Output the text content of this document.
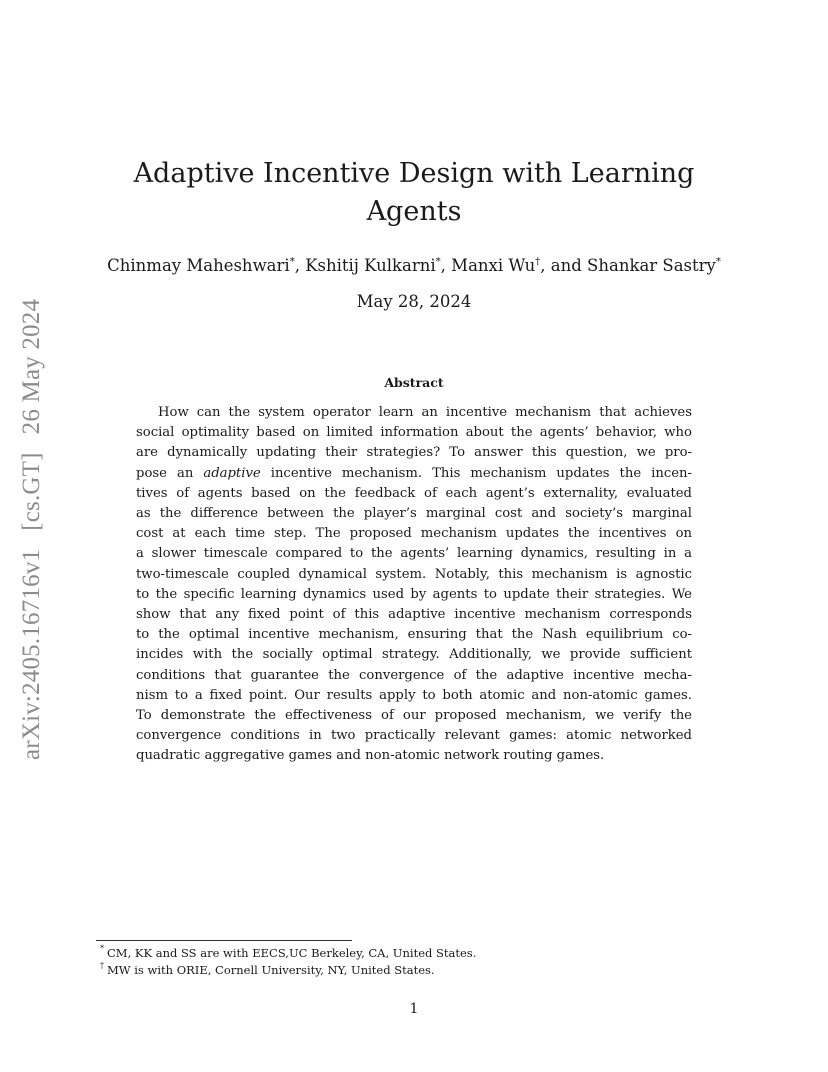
arXiv:2405.16716v1[cs.GT]26 May 2024
Adaptive Incentive Design with Learning
Agents
Chinmay Maheshwari*, Kshitij Kulkarni*, Manxi Wu†, and Shankar Sastry*
May 28, 2024
Abstract
How can the system operator learn an incentive mechanism that achieves
social optimality based on limited information about the agents’ behavior, who
are dynamically updating their strategies? To answer this question, we pro-
pose an adaptive incentive mechanism. This mechanism updates the incen-
tives of agents based on the feedback of each agent’s externality, evaluated
as the difference between the player’s marginal cost and society’s marginal
cost at each time step. The proposed mechanism updates the incentives on
a slower timescale compared to the agents’ learning dynamics, resulting in a
two-timescale coupled dynamical system. Notably, this mechanism is agnostic
to the specific learning dynamics used by agents to update their strategies. We
show that any fixed point of this adaptive incentive mechanism corresponds
to the optimal incentive mechanism, ensuring that the Nash equilibrium co-
incides with the socially optimal strategy. Additionally, we provide sufficient
conditions that guarantee the convergence of the adaptive incentive mecha-
nism to a fixed point. Our results apply to both atomic and non-atomic games.
To demonstrate the effectiveness of our proposed mechanism, we verify the
convergence conditions in two practically relevant games: atomic networked
quadratic aggregative games and non-atomic network routing games.
* CM, KK and SS are with EECS,UC Berkeley, CA, United States.
† MW is with ORIE, Cornell University, NY, United States.
1
